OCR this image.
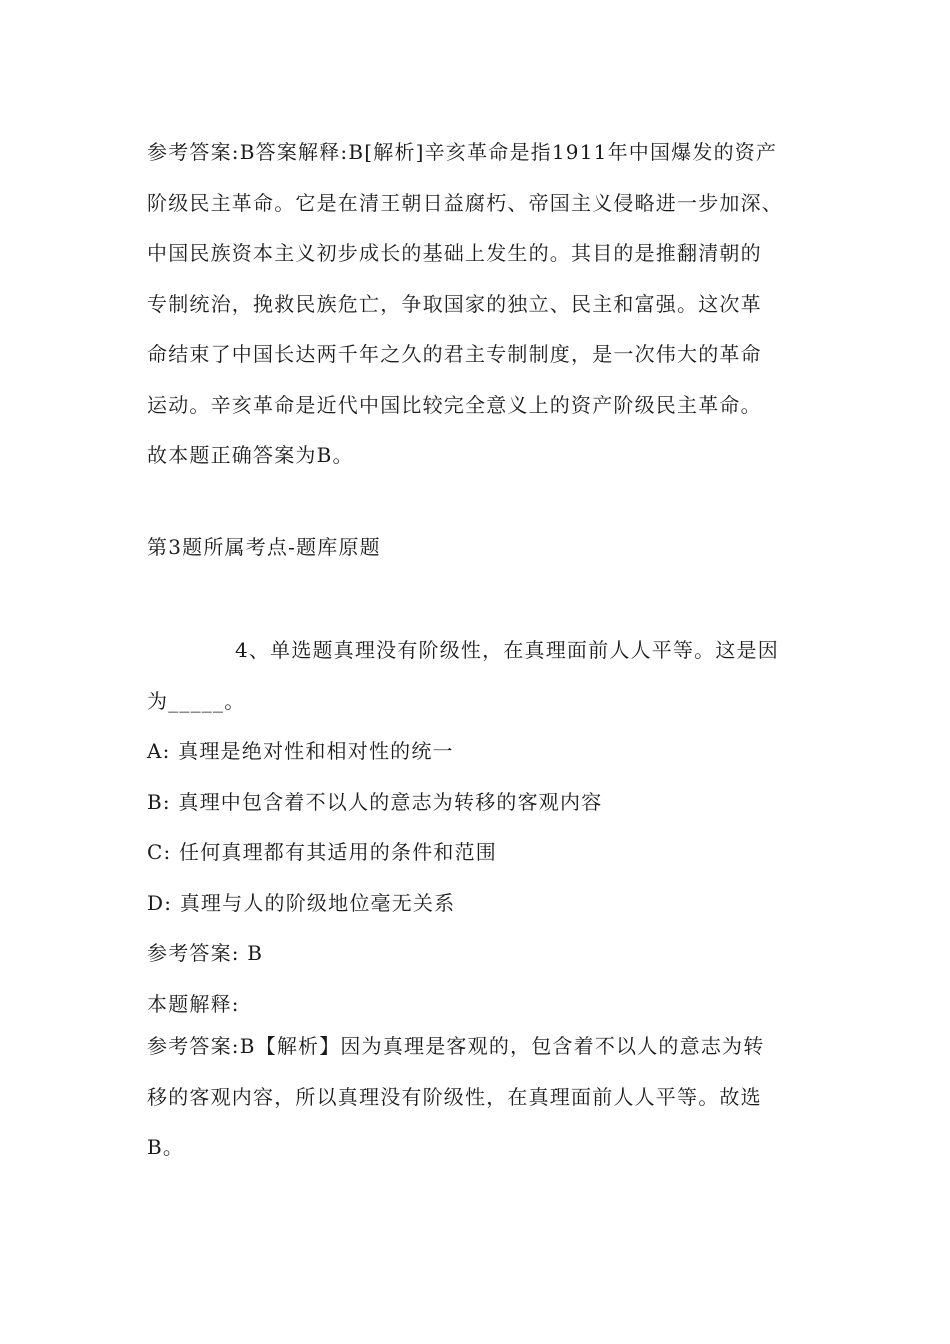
参考答案:B答案解释:B[解析]辛亥革命是指1911年中国爆发的资产
阶级民主革命。它是在清王朝日益腐朽、帝国主义侵略进一步加深、
中国民族资本主义初步成长的基础上发生的。其目的是推翻清朝的
专制统治，挽救民族危亡，争取国家的独立、民主和富强。这次革
命结束了中国长达两千年之久的君主专制制度，是一次伟大的革命
运动。辛亥革命是近代中国比较完全意义上的资产阶级民主革命。
故本题正确答案为B。

第3题所属考点-题库原题

4、单选题真理没有阶级性，在真理面前人人平等。这是因
为_____。
A: 真理是绝对性和相对性的统一
B: 真理中包含着不以人的意志为转移的客观内容
C: 任何真理都有其适用的条件和范围
D: 真理与人的阶级地位毫无关系
参考答案: B
本题解释:

参考答案:B【解析】因为真理是客观的，包含着不以人的意志为转
移的客观内容，所以真理没有阶级性，在真理面前人人平等。故选
B。
